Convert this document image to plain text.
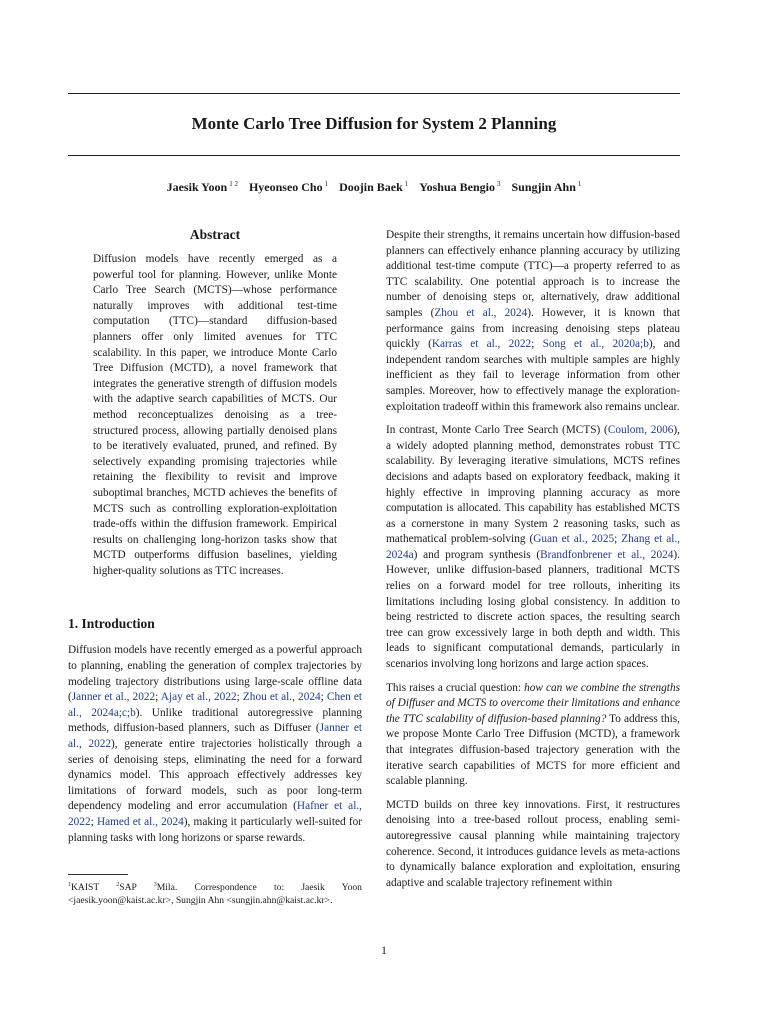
Monte Carlo Tree Diffusion for System 2 Planning
Jaesik Yoon $^{1 2}$ Hyeonseo Cho $^1$ Doojin Baek $^1$ Yoshua Bengio $^3$ Sungjin Ahn $^1$
Abstract
Diffusion models have recently emerged as a powerful tool for planning. However, unlike Monte Carlo Tree Search (MCTS)—whose performance naturally improves with additional test-time computation (TTC)—standard diffusion-based planners offer only limited avenues for TTC scalability. In this paper, we introduce Monte Carlo Tree Diffusion (MCTD), a novel framework that integrates the generative strength of diffusion models with the adaptive search capabilities of MCTS. Our method reconceptualizes denoising as a tree-structured process, allowing partially denoised plans to be iteratively evaluated, pruned, and refined. By selectively expanding promising trajectories while retaining the flexibility to revisit and improve suboptimal branches, MCTD achieves the benefits of MCTS such as controlling exploration-exploitation trade-offs within the diffusion framework. Empirical results on challenging long-horizon tasks show that MCTD outperforms diffusion baselines, yielding higher-quality solutions as TTC increases.
1. Introduction
Diffusion models have recently emerged as a powerful approach to planning, enabling the generation of complex trajectories by modeling trajectory distributions using large-scale offline data (Janner et al., 2022; Ajay et al., 2022; Zhou et al., 2024; Chen et al., 2024a;c;b). Unlike traditional autoregressive planning methods, diffusion-based planners, such as Diffuser (Janner et al., 2022), generate entire trajectories holistically through a series of denoising steps, eliminating the need for a forward dynamics model. This approach effectively addresses key limitations of forward models, such as poor long-term dependency modeling and error accumulation (Hafner et al., 2022; Hamed et al., 2024), making it particularly well-suited for planning tasks with long horizons or sparse rewards.
$^1$KAIST $^2$SAP $^3$Mila. Correspondence to: Jaesik Yoon <jaesik.yoon@kaist.ac.kr>, Sungjin Ahn <sungjin.ahn@kaist.ac.kr>.
Despite their strengths, it remains uncertain how diffusion-based planners can effectively enhance planning accuracy by utilizing additional test-time compute (TTC)—a property referred to as TTC scalability. One potential approach is to increase the number of denoising steps or, alternatively, draw additional samples (Zhou et al., 2024). However, it is known that performance gains from increasing denoising steps plateau quickly (Karras et al., 2022; Song et al., 2020a;b), and independent random searches with multiple samples are highly inefficient as they fail to leverage information from other samples. Moreover, how to effectively manage the exploration-exploitation tradeoff within this framework also remains unclear.
In contrast, Monte Carlo Tree Search (MCTS) (Coulom, 2006), a widely adopted planning method, demonstrates robust TTC scalability. By leveraging iterative simulations, MCTS refines decisions and adapts based on exploratory feedback, making it highly effective in improving planning accuracy as more computation is allocated. This capability has established MCTS as a cornerstone in many System 2 reasoning tasks, such as mathematical problem-solving (Guan et al., 2025; Zhang et al., 2024a) and program synthesis (Brandfonbrener et al., 2024). However, unlike diffusion-based planners, traditional MCTS relies on a forward model for tree rollouts, inheriting its limitations including losing global consistency. In addition to being restricted to discrete action spaces, the resulting search tree can grow excessively large in both depth and width. This leads to significant computational demands, particularly in scenarios involving long horizons and large action spaces.
This raises a crucial question: how can we combine the strengths of Diffuser and MCTS to overcome their limitations and enhance the TTC scalability of diffusion-based planning? To address this, we propose Monte Carlo Tree Diffusion (MCTD), a framework that integrates diffusion-based trajectory generation with the iterative search capabilities of MCTS for more efficient and scalable planning.
MCTD builds on three key innovations. First, it restructures denoising into a tree-based rollout process, enabling semi-autoregressive causal planning while maintaining trajectory coherence. Second, it introduces guidance levels as meta-actions to dynamically balance exploration and exploitation, ensuring adaptive and scalable trajectory refinement within
1
